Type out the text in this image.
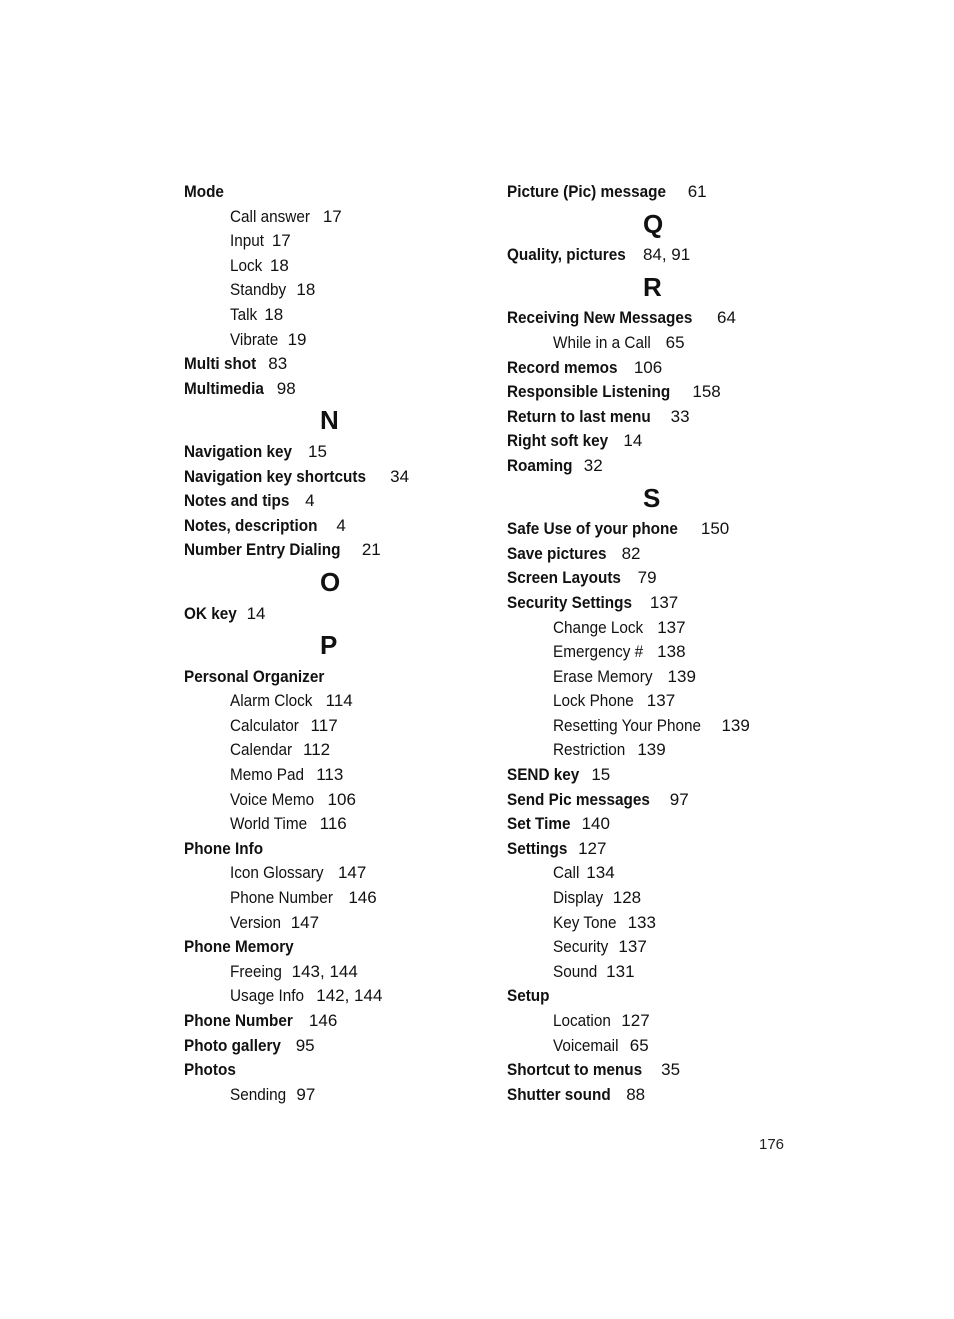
Mode
Call answer 17
Input 17
Lock 18
Standby 18
Talk 18
Vibrate 19
Multi shot 83
Multimedia 98
N
Navigation key 15
Navigation key shortcuts 34
Notes and tips 4
Notes, description 4
Number Entry Dialing 21
O
OK key 14
P
Personal Organizer
Alarm Clock 114
Calculator 117
Calendar 112
Memo Pad 113
Voice Memo 106
World Time 116
Phone Info
Icon Glossary 147
Phone Number 146
Version 147
Phone Memory
Freeing 143, 144
Usage Info 142, 144
Phone Number 146
Photo gallery 95
Photos
Sending 97
Picture (Pic) message 61
Q
Quality, pictures 84, 91
R
Receiving New Messages 64
While in a Call 65
Record memos 106
Responsible Listening 158
Return to last menu 33
Right soft key 14
Roaming 32
S
Safe Use of your phone 150
Save pictures 82
Screen Layouts 79
Security Settings 137
Change Lock 137
Emergency # 138
Erase Memory 139
Lock Phone 137
Resetting Your Phone 139
Restriction 139
SEND key 15
Send Pic messages 97
Set Time 140
Settings 127
Call 134
Display 128
Key Tone 133
Security 137
Sound 131
Setup
Location 127
Voicemail 65
Shortcut to menus 35
Shutter sound 88
176
